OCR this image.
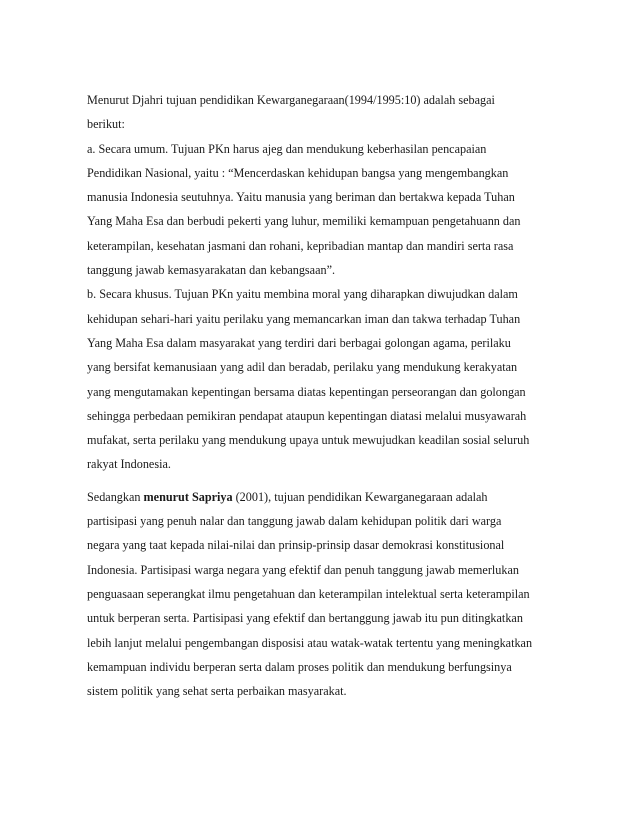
Menurut Djahri tujuan pendidikan Kewarganegaraan(1994/1995:10) adalah sebagai
berikut:
a. Secara umum. Tujuan PKn harus ajeg dan mendukung keberhasilan pencapaian
Pendidikan Nasional, yaitu : “Mencerdaskan kehidupan bangsa yang mengembangkan
manusia Indonesia seutuhnya. Yaitu manusia yang beriman dan bertakwa kepada Tuhan
Yang Maha Esa dan berbudi pekerti yang luhur, memiliki kemampuan pengetahuann dan
keterampilan, kesehatan jasmani dan rohani, kepribadian mantap dan mandiri serta rasa
tanggung jawab kemasyarakatan dan kebangsaan”.
b. Secara khusus. Tujuan PKn yaitu membina moral yang diharapkan diwujudkan dalam
kehidupan sehari-hari yaitu perilaku yang memancarkan iman dan takwa terhadap Tuhan
Yang Maha Esa dalam masyarakat yang terdiri dari berbagai golongan agama, perilaku
yang bersifat kemanusiaan yang adil dan beradab, perilaku yang mendukung kerakyatan
yang mengutamakan kepentingan bersama diatas kepentingan perseorangan dan golongan
sehingga perbedaan pemikiran pendapat ataupun kepentingan diatasi melalui musyawarah
mufakat, serta perilaku yang mendukung upaya untuk mewujudkan keadilan sosial seluruh
rakyat Indonesia.

Sedangkan menurut Sapriya (2001), tujuan pendidikan Kewarganegaraan adalah
partisipasi yang penuh nalar dan tanggung jawab dalam kehidupan politik dari warga
negara yang taat kepada nilai-nilai dan prinsip-prinsip dasar demokrasi konstitusional
Indonesia. Partisipasi warga negara yang efektif dan penuh tanggung jawab memerlukan
penguasaan seperangkat ilmu pengetahuan dan keterampilan intelektual serta keterampilan
untuk berperan serta. Partisipasi yang efektif dan bertanggung jawab itu pun ditingkatkan
lebih lanjut melalui pengembangan disposisi atau watak-watak tertentu yang meningkatkan
kemampuan individu berperan serta dalam proses politik dan mendukung berfungsinya
sistem politik yang sehat serta perbaikan masyarakat.
